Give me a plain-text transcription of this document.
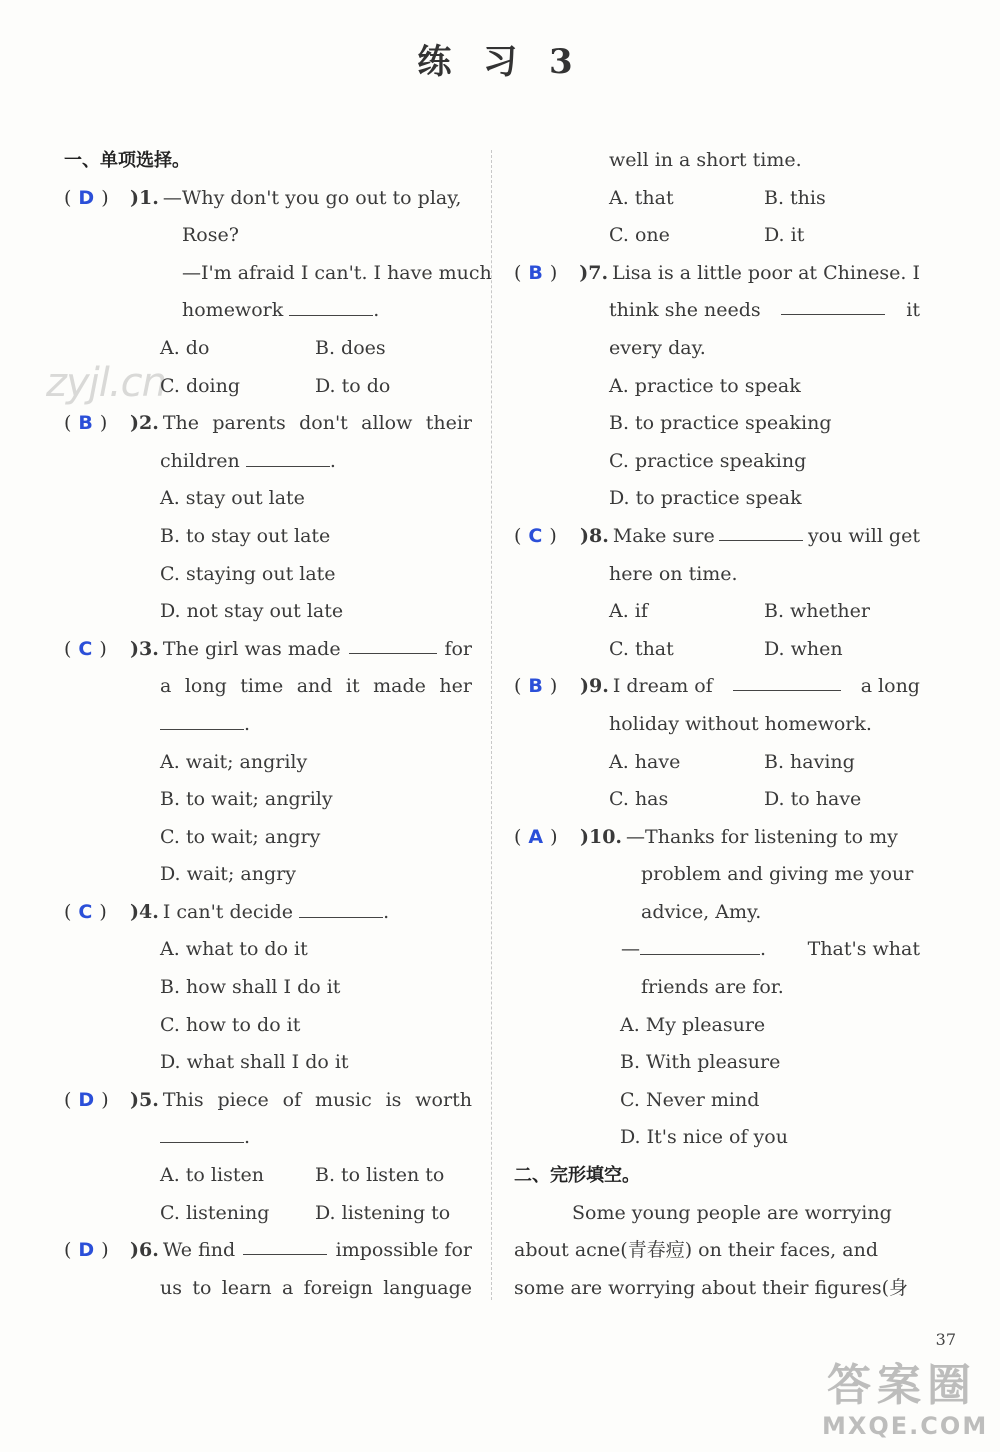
练 习 3
zyjl.cn
一、单项选择。
( D ) )1. —Why don't you go out to play,
Rose?
—I'm afraid I can't. I have much
homework	.
A. do	B. does
C. doing	D. to do
( B )	)2. The parents don't allow their
children	.
A. stay out late
B. to stay out late
C. staying out late
D. not stay out late
( C )	)3. The girl was made	for
a long time and it made her
.
A. wait; angrily
B. to wait; angrily
C. to wait; angry
D. wait; angry
( C ) )4. I can't decide	.
A. what to do it
B. how shall I do it
C. how to do it
D. what shall I do it
( D )	)5. This piece of music is worth
.
A. to listen	B. to listen to
C. listening	D. listening to
( D )	)6. We find	impossible for
us to learn a foreign language
well in a short time.
A. that	B. this
C. one	D. it
( B )	)7. Lisa is a little poor at Chinese. I
think she needs	it
every day.
A. practice to speak
B. to practice speaking
C. practice speaking
D. to practice speak
( C )	)8. Make sure	you will get
here on time.
A. if	B. whether
C. that	D. when
( B )	)9. I dream of	a long
holiday without homework.
A. have	B. having
C. has	D. to have
( A )	)10. —Thanks for listening to my
problem and giving me your
advice, Amy.
—	. That's what
friends are for.
A. My pleasure
B. With pleasure
C. Never mind
D. It's nice of you
二、完形填空。
Some young people are worrying
about acne(青春痘) on their faces, and
some are worrying about their figures(身
37
答案圈
MXQE.COM
